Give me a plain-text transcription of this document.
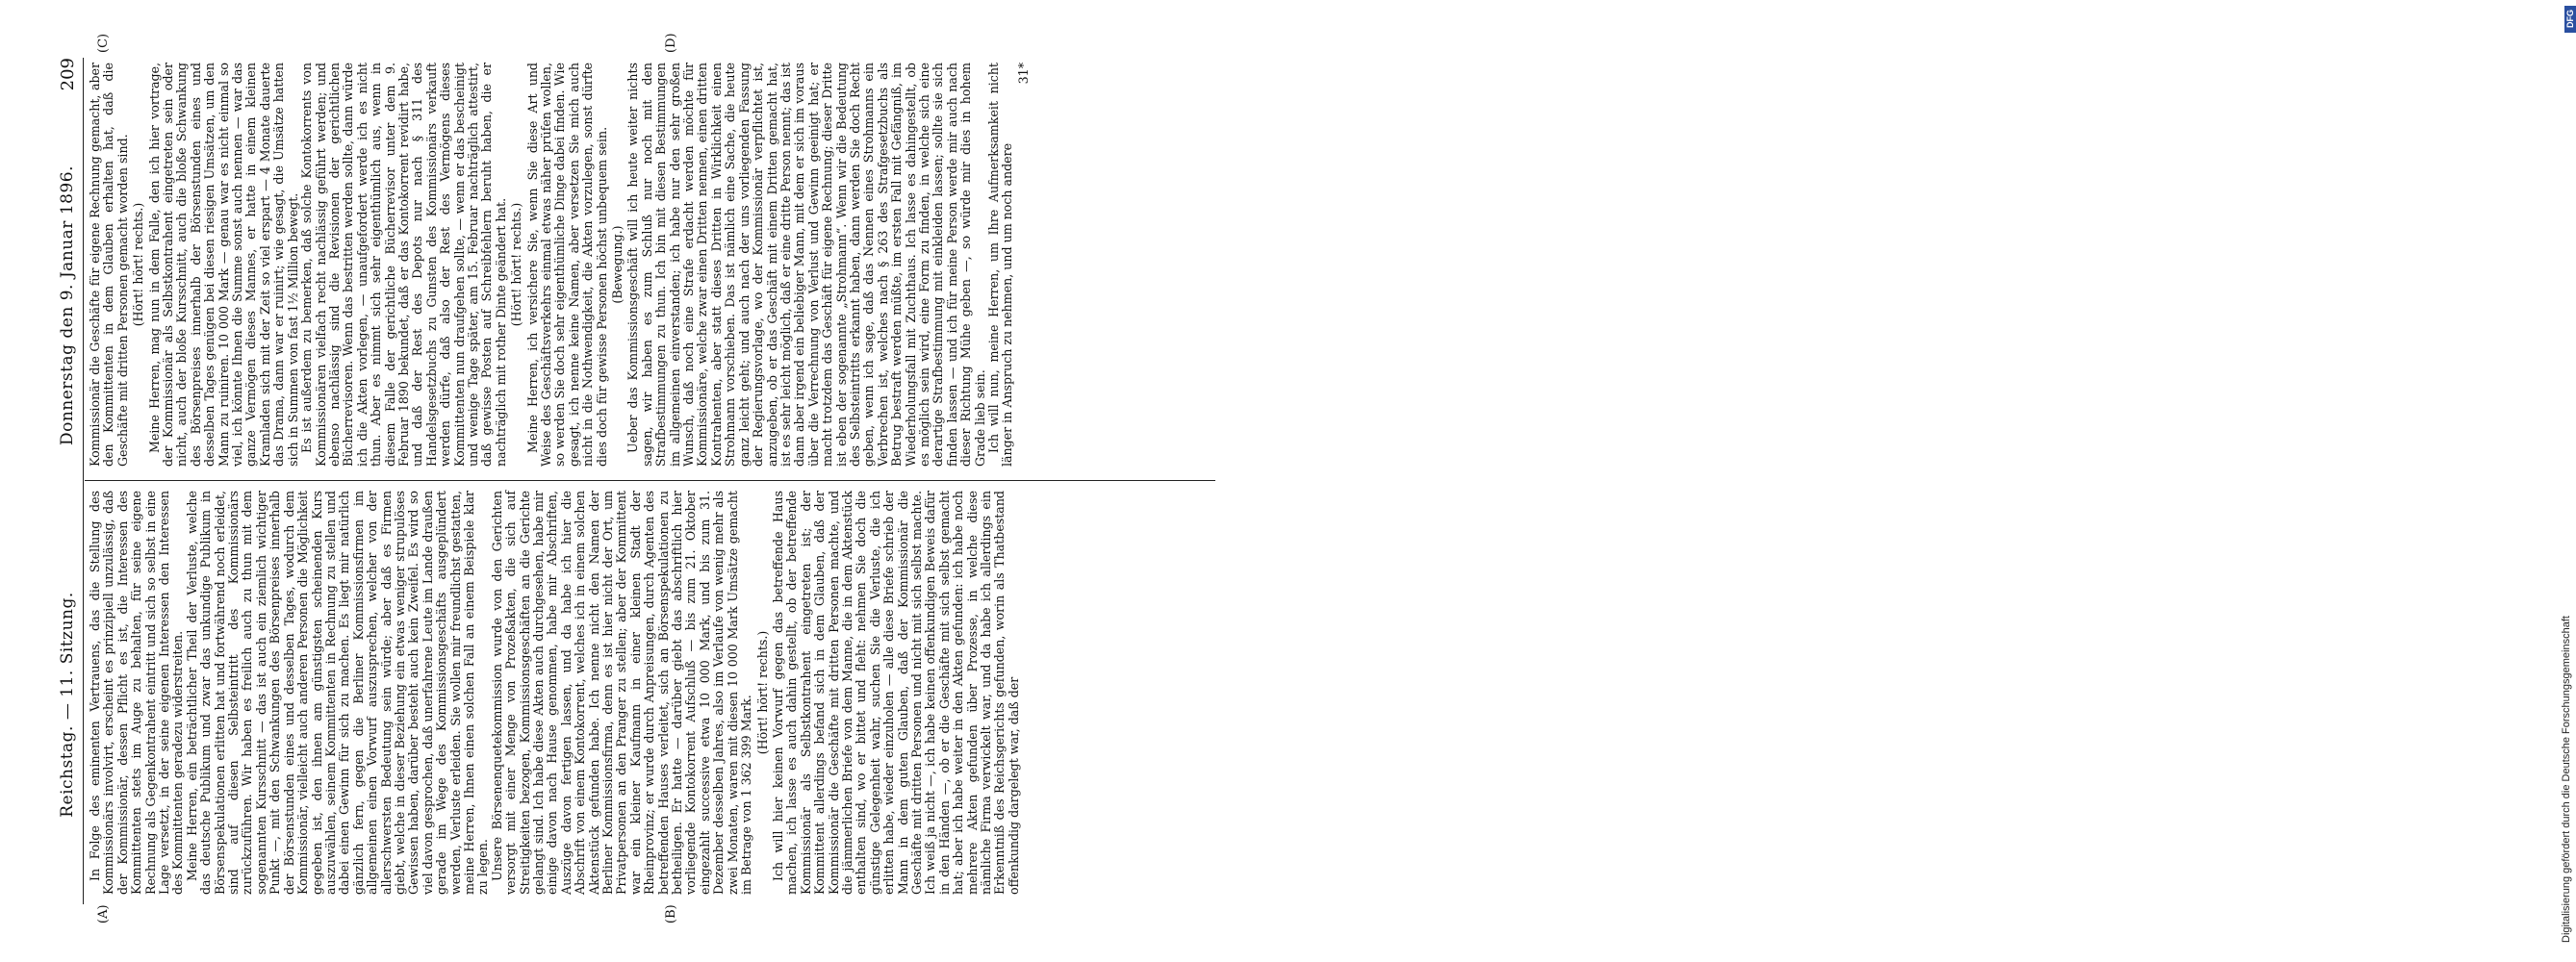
Reichstag. — 11. Sitzung.
Donnerstag den 9. Januar 1896.
209
(A)	(B)
(C)	(D)

In Folge des eminenten Vertrauens, das die Stellung des Kommissionärs involvirt, erscheint es prinzipiell unzulässig, daß der Kommissionär, dessen Pflicht es ist, die Interessen des Kommittenten stets im Auge zu behalten, für seine eigene Rechnung als Gegenkontrahent eintritt und sich so selbst in eine Lage versetzt, in der seine eigenen Interessen den Interessen des Kommittenten geradezu widerstreiten. Meine Herren, ein beträchtlicher Theil der Verluste, welche das deutsche Publikum und zwar das unkundige Publikum in Börsenspekulationen erlitten hat und fortwährend noch erleidet, sind auf diesen Selbsteintritt des Kommissionärs zurückzuführen. Wir haben es freilich auch zu thun mit dem sogenannten Kursschnitt — das ist auch ein ziemlich wichtiger Punkt —, mit den Schwankungen des Börsenpreises innerhalb der Börsenstunden eines und desselben Tages, wodurch dem Kommissionär, vielleicht auch anderen Personen die Möglichkeit gegeben ist, den ihnen am günstigsten scheinenden Kurs auszuwählen, seinem Kommittenten in Rechnung zu stellen und dabei einen Gewinn für sich zu machen. Es liegt mir natürlich gänzlich fern, gegen die Berliner Kommissionsfirmen im allgemeinen einen Vorwurf auszusprechen, welcher von der allerschwersten Bedeutung sein würde; aber daß es Firmen giebt, welche in dieser Beziehung ein etwas weniger strupulöses Gewissen haben, darüber besteht auch kein Zweifel. Es wird so viel davon gesprochen, daß unerfahrene Leute im Lande draußen gerade im Wege des Kommissionsgeschäfts ausgeplündert werden, Verluste erleiden. Sie wollen mir freundlichst gestatten, meine Herren, Ihnen einen solchen Fall an einem Beispiele klar zu legen. Unsere Börsenenquetekommission wurde von den Gerichten versorgt mit einer Menge von Prozeßakten, die sich auf Streitigkeiten bezogen, Kommissionsgeschäften an die Gerichte gelangt sind. Ich habe diese Akten auch durchgesehen, habe mir einige davon nach Hause genommen, habe mir Abschriften, Auszüge davon fertigen lassen, und da habe ich hier die Abschrift von einem Kontokorrent, welches ich in einem solchen Aktenstück gefunden habe. Ich nenne nicht den Namen der Berliner Kommissionsfirma, denn es ist hier nicht der Ort, um Privatpersonen an den Pranger zu stellen; aber der Kommittent war ein kleiner Kaufmann in einer kleinen Stadt der Rheinprovinz; er wurde durch Anpreisungen, durch Agenten des betreffenden Hauses verleitet, sich an Börsenspekulationen zu betheiligen. Er hatte — darüber giebt das abschriftlich hier vorliegende Kontokorrent Aufschluß — bis zum 21. Oktober eingezahlt successive etwa 10 000 Mark, und bis zum 31. Dezember desselben Jahres, also im Verlaufe von wenig mehr als zwei Monaten, waren mit diesen 10 000 Mark Umsätze gemacht im Betrage von 1 362 399 Mark.

(Hört! hört! rechts.) Ich will hier keinen Vorwurf gegen das betreffende Haus machen, ich lasse es auch dahin gestellt, ob der betreffende Kommissionär als Selbstkontrahent eingetreten ist; der Kommittent allerdings befand sich in dem Glauben, daß der Kommissionär die Geschäfte mit dritten Personen machte, und die jämmerlichen Briefe von dem Manne, die in dem Aktenstück enthalten sind, wo er bittet und fleht: nehmen Sie doch die günstige Gelegenheit wahr, suchen Sie die Verluste, die ich erlitten habe, wieder einzuholen — alle diese Briefe schrieb der Mann in dem guten Glauben, daß der Kommissionär die Geschäfte mit dritten Personen und nicht mit sich selbst machte. Ich weiß ja nicht —, ich habe keinen offenkundigen Beweis dafür in den Händen —, ob er die Geschäfte mit sich selbst gemacht hat; aber ich habe weiter in den Akten gefunden: ich habe noch mehrere Akten gefunden über Prozesse, in welche diese nämliche Firma verwickelt war, und da habe ich allerdings ein Erkenntniß des Reichsgerichts gefunden, worin als Thatbestand offenkundig dargelegt war, daß der

Kommissionär die Geschäfte für eigene Rechnung gemacht, aber den Kommittenten in dem Glauben erhalten hat, daß die Geschäfte mit dritten Personen gemacht worden sind. (Hört! hört! rechts.) Meine Herren, mag nun in dem Falle, den ich hier vortrage, der Kommissionär als Selbstkontrahent eingetreten sein oder nicht, auch der bloße Kursschnitt, auch die bloße Schwankung des Börsenpreises innerhalb der Börsenstunden eines und desselben Tages genügen bei diesen riesigen Umsätzen, um den Mann zu ruiniren. 10 000 Mark — genau war es nicht einmal so viel, ich könnte Ihnen die Summe sonst auch nennen — war das ganze Vermögen dieses Mannes, er hatte in einem kleinen Kramladen sich mit der Zeit so viel erspart — 4 Monate dauerte das Drama, dann war er ruinirt; wie gesagt, die Umsätze hatten sich in Summen von fast 1½ Million bewegt. Es ist außerdem zu bemerken, daß solche Kontokorrents von Kommissionären vielfach recht nachlässig geführt werden; und ebenso nachlässig sind die Revisionen der gerichtlichen Bücherrevisoren. Wenn das bestritten werden sollte, dann würde ich die Akten vorlegen, — unaufgefordert werde ich es nicht thun. Aber es nimmt sich sehr eigenthümlich aus, wenn in diesem Falle der gerichtliche Bücherrevisor unter dem 9. Februar 1890 bekundet, daß er das Kontokorrent revidirt habe, und daß der Rest des Depots nur nach § 311 des Handelsgesetzbuchs zu Gunsten des Kommissionärs verkauft werden dürfe, daß also der Rest des Vermögens dieses Kommittenten nun draufgehen sollte, — wenn er das bescheinigt und wenige Tage später, am 15. Februar nachträglich attestirt, daß gewisse Posten auf Schreibfehlern beruht haben, die er nachträglich mit rother Dinte geändert hat. (Hört! hört! rechts.) Meine Herren, ich versichere Sie, wenn Sie diese Art und Weise des Geschäftsverkehrs einmal etwas näher prüfen wollen, so werden Sie doch sehr eigenthümliche Dinge dabei finden. Wie gesagt, ich nenne keine Namen, aber versetzen Sie mich auch nicht in die Nothwendigkeit, die Akten vorzulegen, sonst dürfte dies doch für gewisse Personen höchst unbequem sein. (Bewegung.) Ueber das Kommissionsgeschäft will ich heute weiter nichts sagen, wir haben es zum Schluß nur noch mit den Strafbestimmungen zu thun. Ich bin mit diesen Bestimmungen im allgemeinen einverstanden; ich habe nur den sehr großen Wunsch, daß noch eine Strafe erdacht werden möchte für Kommissionäre, welche zwar einen Dritten nennen, einen dritten Kontrahenten, aber statt dieses Dritten in Wirklichkeit einen Strohmann vorschieben. Das ist nämlich eine Sache, die heute ganz leicht geht; und auch nach der uns vorliegenden Fassung der Regierungsvorlage, wo der Kommissionär verpflichtet ist, anzugeben, ob er das Geschäft mit einem Dritten gemacht hat, ist es sehr leicht möglich, daß er eine dritte Person nennt; das ist dann aber irgend ein beliebiger Mann, mit dem er sich im voraus über die Verrechnung von Verlust und Gewinn geeinigt hat; er macht trotzdem das Geschäft für eigene Rechnung; dieser Dritte ist eben der sogenannte „Strohmann“. Wenn wir die Bedeutung des Selbsteintritts erkannt haben, dann werden Sie doch Recht geben, wenn ich sage, daß das Nennen eines Strohmanns ein Verbrechen ist, welches nach § 263 des Strafgesetzbuchs als Betrug bestraft werden müßte, im ersten Fall mit Gefängniß, im Wiederholungsfall mit Zuchthaus. Ich lasse es dahingestellt, ob es möglich sein wird, eine Form zu finden, in welche sich eine derartige Strafbestimmung mit einkleiden lassen; sollte sie sich finden lassen — und ich für meine Person werde mir auch nach dieser Richtung Mühe geben —, so würde mir dies in hohem Grade lieb sein. Ich will nun, meine Herren, um Ihre Aufmerksamkeit nicht länger in Anspruch zu nehmen, und um noch andere

31*
DFG
Digitalisierung gefördert durch die Deutsche Forschungsgemeinschaft
